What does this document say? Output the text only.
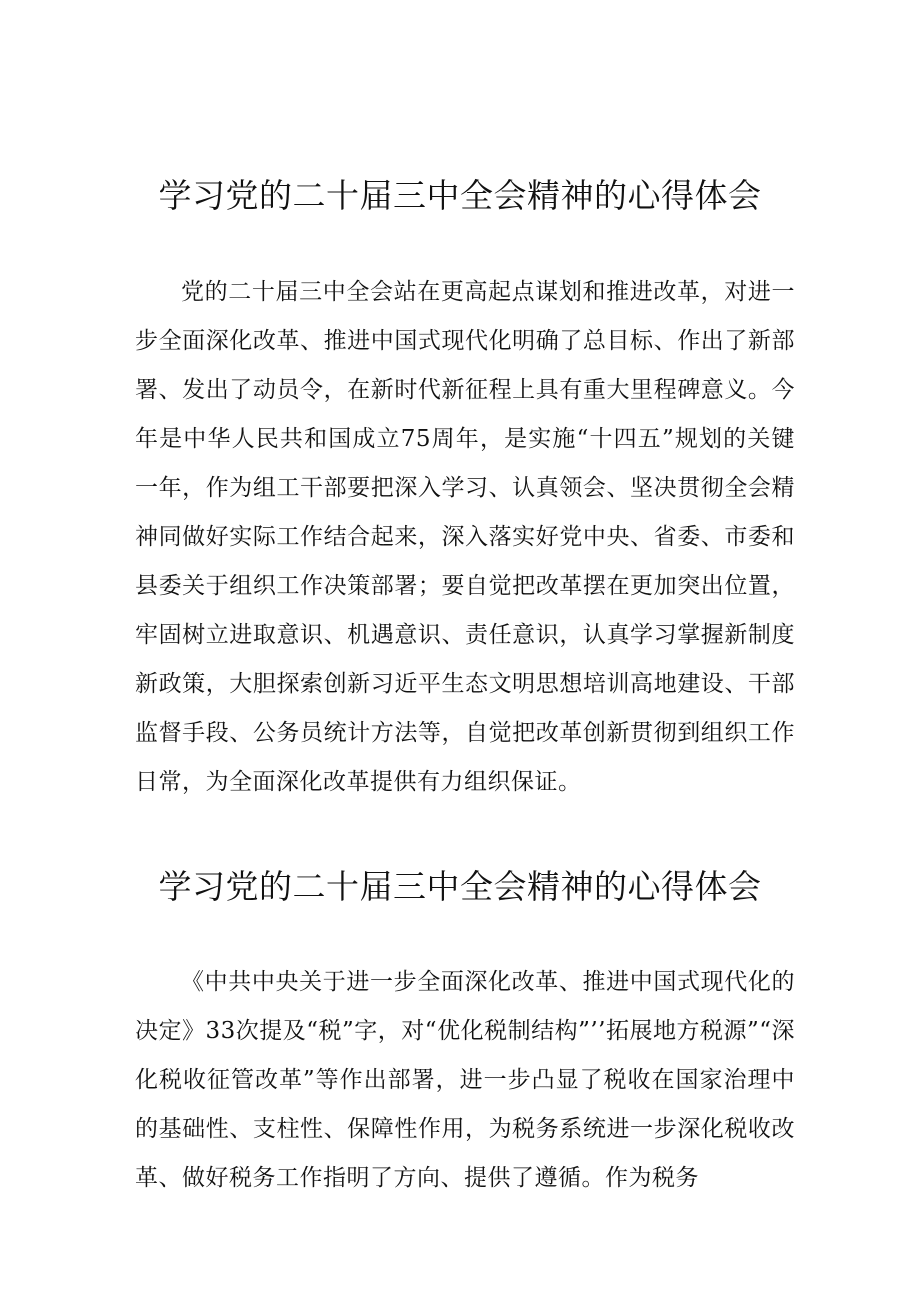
学习党的二十届三中全会精神的心得体会

党的二十届三中全会站在更高起点谋划和推进改革，对进一步全面深化改革、推进中国式现代化明确了总目标、作出了新部署、发出了动员令，在新时代新征程上具有重大里程碑意义。今年是中华人民共和国成立75周年，是实施“十四五”规划的关键一年，作为组工干部要把深入学习、认真领会、坚决贯彻全会精神同做好实际工作结合起来，深入落实好党中央、省委、市委和县委关于组织工作决策部署；要自觉把改革摆在更加突出位置，牢固树立进取意识、机遇意识、责任意识，认真学习掌握新制度新政策，大胆探索创新习近平生态文明思想培训高地建设、干部监督手段、公务员统计方法等，自觉把改革创新贯彻到组织工作日常，为全面深化改革提供有力组织保证。

学习党的二十届三中全会精神的心得体会

《中共中央关于进一步全面深化改革、推进中国式现代化的决定》33次提及“税”字，对“优化税制结构”’’拓展地方税源”“深化税收征管改革”等作出部署，进一步凸显了税收在国家治理中的基础性、支柱性、保障性作用，为税务系统进一步深化税收改革、做好税务工作指明了方向、提供了遵循。作为税务
